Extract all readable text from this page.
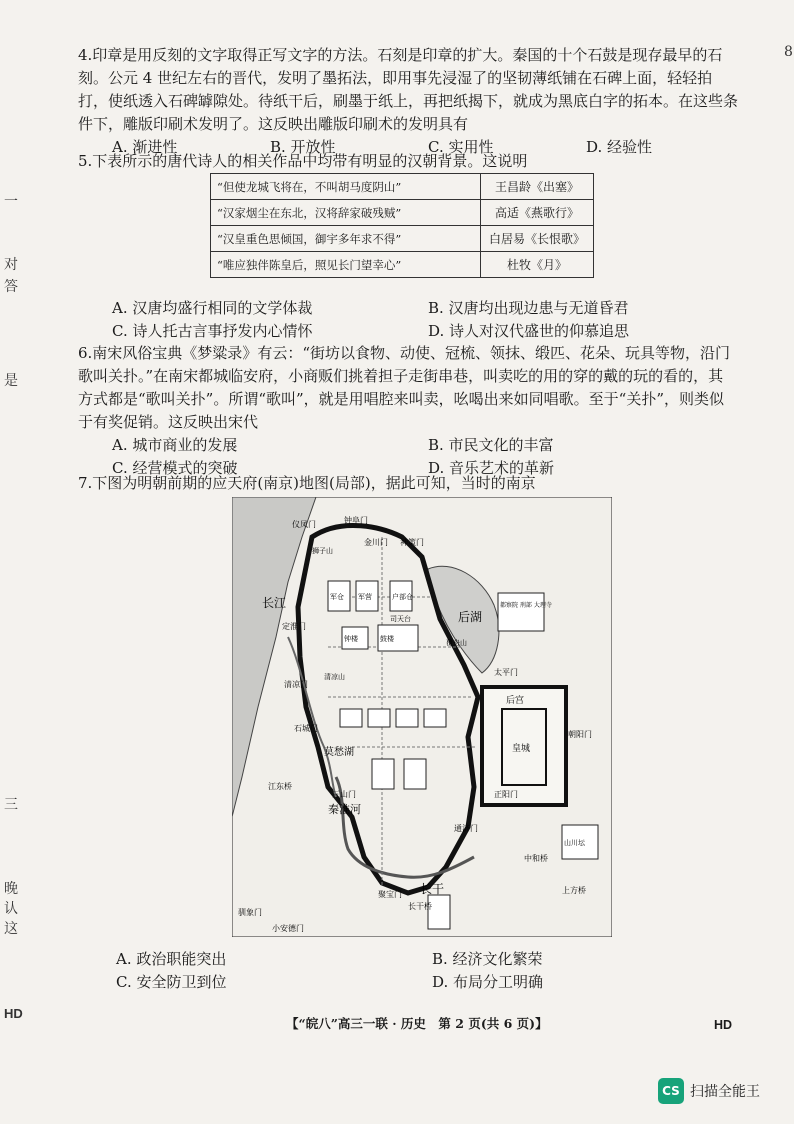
一
对
答
是
三
晚
认
这
HD
8

4.印章是用反刻的文字取得正写文字的方法。石刻是印章的扩大。秦国的十个石鼓是现存最早的石刻。公元 4 世纪左右的晋代，发明了墨拓法，即用事先浸湿了的坚韧薄纸铺在石碑上面，轻轻拍打，使纸透入石碑罅隙处。待纸干后，刷墨于纸上，再把纸揭下，就成为黑底白字的拓本。在这些条件下，雕版印刷术发明了。这反映出雕版印刷术的发明具有

A. 渐进性	B. 开放性	C. 实用性	D. 经验性

5.下表所示的唐代诗人的相关作品中均带有明显的汉朝背景。这说明

“但使龙城飞将在，不叫胡马度阴山”	王昌龄《出塞》
“汉家烟尘在东北，汉将辞家破残贼”	高适《燕歌行》
“汉皇重色思倾国，御宇多年求不得”	白居易《长恨歌》
“唯应独伴陈皇后，照见长门望幸心”	杜牧《月》
A. 汉唐均盛行相同的文学体裁	B. 汉唐均出现边患与无道昏君
C. 诗人托古言事抒发内心情怀	D. 诗人对汉代盛世的仰慕追思

6.南宋风俗宝典《梦粱录》有云：“街坊以食物、动使、冠梳、领抹、缎匹、花朵、玩具等物，沿门歌叫关扑。”在南宋都城临安府，小商贩们挑着担子走街串巷，叫卖吃的用的穿的戴的玩的看的，其方式都是“歌叫关扑”。所谓“歌叫”，就是用唱腔来叫卖，吆喝出来如同唱歌。至于“关扑”，则类似于有奖促销。这反映出宋代

A. 城市商业的发展	B. 市民文化的丰富
C. 经营模式的突破	D. 音乐艺术的革新

7.下图为明朝前期的应天府(南京)地图(局部)，据此可知，当时的南京

长江
后湖
莫愁湖
秦淮河
长干
仪凤门	钟阜门
金川门 神策门
定淮门
清凉门
石城门
通济门
正阳门
朝阳门
太平门
聚宝门
三山门
驯象门
小安德门
军仓 军营
都察院 刑部 大理寺
后宫
皇城
山川坛
钟楼	鼓楼
司天台
户部仓
江东桥
长干桥
上方桥
中和桥
狮子山
清凉山
覆舟山
A. 政治职能突出	B. 经济文化繁荣
C. 安全防卫到位	D. 布局分工明确
【“皖八”高三一联 · 历史　第 2 页(共 6 页)】	HD
CS 扫描全能王
